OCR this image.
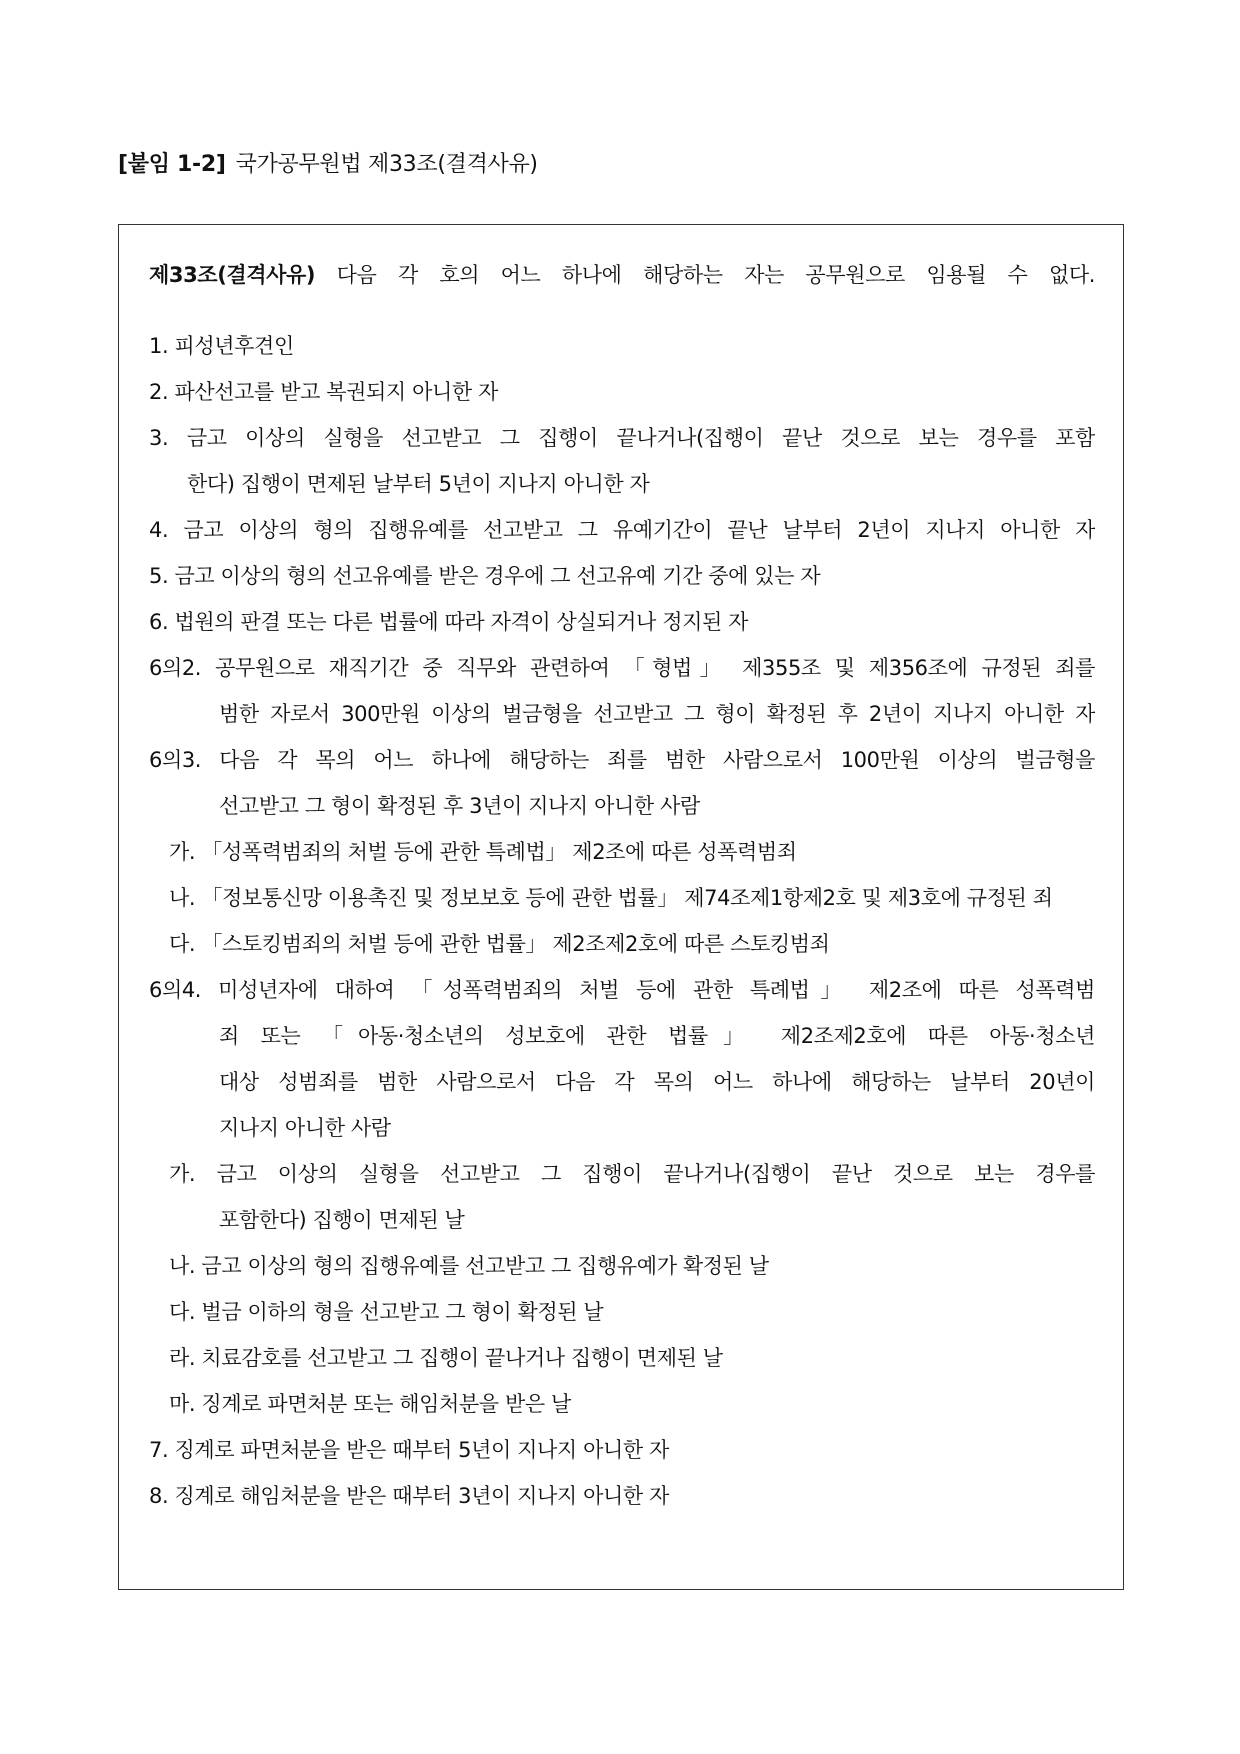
[붙임 1-2] 국가공무원법 제33조(결격사유)
제33조(결격사유) 다음 각 호의 어느 하나에 해당하는 자는 공무원으로 임용될 수 없다.
1. 피성년후견인
2. 파산선고를 받고 복권되지 아니한 자
3. 금고 이상의 실형을 선고받고 그 집행이 끝나거나(집행이 끝난 것으로 보는 경우를 포함
한다) 집행이 면제된 날부터 5년이 지나지 아니한 자
4. 금고 이상의 형의 집행유예를 선고받고 그 유예기간이 끝난 날부터 2년이 지나지 아니한 자
5. 금고 이상의 형의 선고유예를 받은 경우에 그 선고유예 기간 중에 있는 자
6. 법원의 판결 또는 다른 법률에 따라 자격이 상실되거나 정지된 자
6의2. 공무원으로 재직기간 중 직무와 관련하여 「형법」 제355조 및 제356조에 규정된 죄를
범한 자로서 300만원 이상의 벌금형을 선고받고 그 형이 확정된 후 2년이 지나지 아니한 자
6의3. 다음 각 목의 어느 하나에 해당하는 죄를 범한 사람으로서 100만원 이상의 벌금형을
선고받고 그 형이 확정된 후 3년이 지나지 아니한 사람
가. 「성폭력범죄의 처벌 등에 관한 특례법」 제2조에 따른 성폭력범죄
나. 「정보통신망 이용촉진 및 정보보호 등에 관한 법률」 제74조제1항제2호 및 제3호에 규정된 죄
다. 「스토킹범죄의 처벌 등에 관한 법률」 제2조제2호에 따른 스토킹범죄
6의4. 미성년자에 대하여 「성폭력범죄의 처벌 등에 관한 특례법」 제2조에 따른 성폭력범
죄 또는 「아동·청소년의 성보호에 관한 법률」 제2조제2호에 따른 아동·청소년
대상 성범죄를 범한 사람으로서 다음 각 목의 어느 하나에 해당하는 날부터 20년이
지나지 아니한 사람
가. 금고 이상의 실형을 선고받고 그 집행이 끝나거나(집행이 끝난 것으로 보는 경우를
포함한다) 집행이 면제된 날
나. 금고 이상의 형의 집행유예를 선고받고 그 집행유예가 확정된 날
다. 벌금 이하의 형을 선고받고 그 형이 확정된 날
라. 치료감호를 선고받고 그 집행이 끝나거나 집행이 면제된 날
마. 징계로 파면처분 또는 해임처분을 받은 날
7. 징계로 파면처분을 받은 때부터 5년이 지나지 아니한 자
8. 징계로 해임처분을 받은 때부터 3년이 지나지 아니한 자
